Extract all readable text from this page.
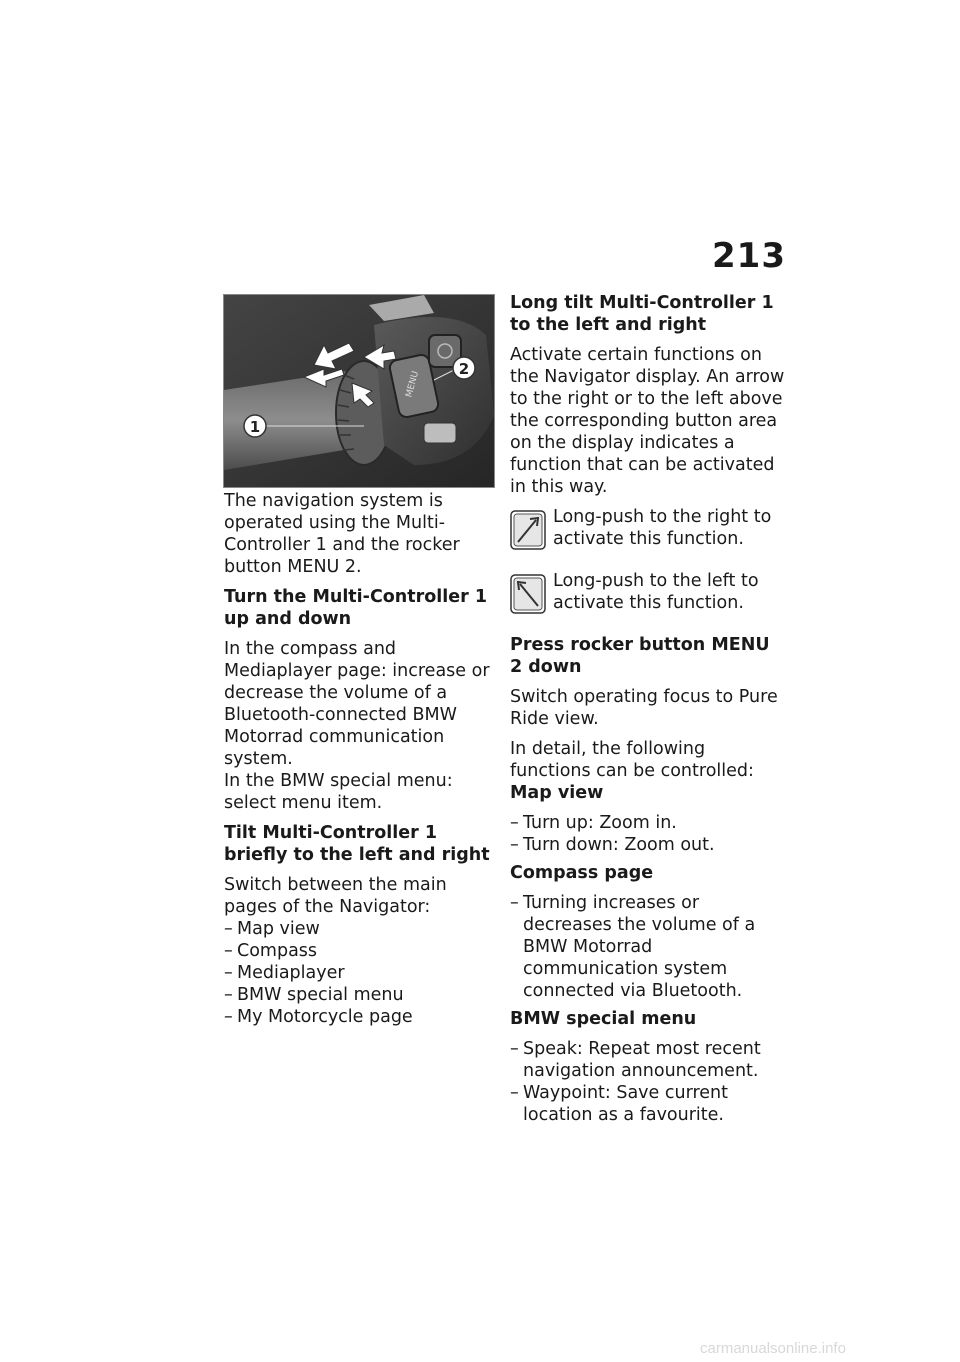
213
MENU
1
2

The navigation system is operated using the Multi-Controller 1 and the rocker button MENU 2.

Turn the Multi-Controller 1 up and down

In the compass and Mediaplayer page: increase or decrease the volume of a Bluetooth-connected BMW Motorrad communication system.

In the BMW special menu: select menu item.

Tilt Multi-Controller 1 briefly to the left and right

Switch between the main pages of the Navigator:

– Map view
– Compass
– Mediaplayer
– BMW special menu
– My Motorcycle page

Long tilt Multi-Controller 1 to the left and right

Activate certain functions on the Navigator display. An arrow to the right or to the left above the corresponding button area on the display indicates a function that can be activated in this way.

Long-push to the right to activate this function.
Long-push to the left to activate this function.

Press rocker button MENU 2 down

Switch operating focus to Pure Ride view.

In detail, the following functions can be controlled:

Map view

– Turn up: Zoom in.
– Turn down: Zoom out.

Compass page

– Turning increases or decreases the volume of a BMW Motorrad communication system connected via Bluetooth.

BMW special menu

– Speak: Repeat most recent navigation announcement.
– Waypoint: Save current location as a favourite.
carmanualsonline.info
